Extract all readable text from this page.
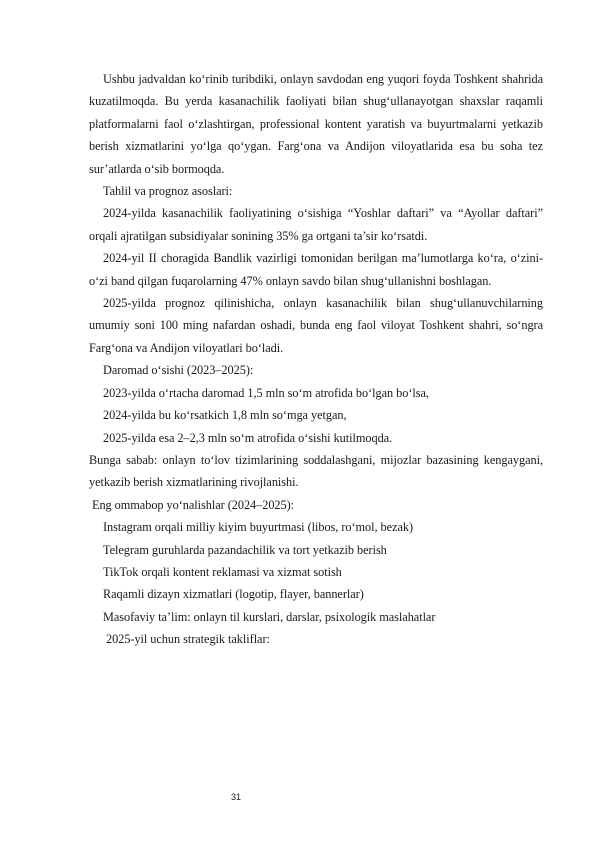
Ushbu jadvaldan ko‘rinib turibdiki, onlayn savdodan eng yuqori foyda Toshkent shahrida kuzatilmoqda. Bu yerda kasanachilik faoliyati bilan shug‘ullanayotgan shaxslar raqamli platformalarni faol o‘zlashtirgan, professional kontent yaratish va buyurtmalarni yetkazib berish xizmatlarini yo‘lga qo‘ygan. Farg‘ona va Andijon viloyatlarida esa bu soha tez sur’atlarda o‘sib bormoqda.

Tahlil va prognoz asoslari:

2024-yilda kasanachilik faoliyatining o‘sishiga “Yoshlar daftari” va “Ayollar daftari” orqali ajratilgan subsidiyalar sonining 35% ga ortgani ta’sir ko‘rsatdi.

2024-yil II choragida Bandlik vazirligi tomonidan berilgan ma’lumotlarga ko‘ra, o‘zini-o‘zi band qilgan fuqarolarning 47% onlayn savdo bilan shug‘ullanishni boshlagan.

2025-yilda prognoz qilinishicha, onlayn kasanachilik bilan shug‘ullanuvchilarning umumiy soni 100 ming nafardan oshadi, bunda eng faol viloyat Toshkent shahri, so‘ngra Farg‘ona va Andijon viloyatlari bo‘ladi.

Daromad o‘sishi (2023–2025):

2023-yilda o‘rtacha daromad 1,5 mln so‘m atrofida bo‘lgan bo‘lsa,

2024-yilda bu ko‘rsatkich 1,8 mln so‘mga yetgan,

2025-yilda esa 2–2,3 mln so‘m atrofida o‘sishi kutilmoqda.

Bunga sabab: onlayn to‘lov tizimlarining soddalashgani, mijozlar bazasining kengaygani, yetkazib berish xizmatlarining rivojlanishi.

Eng ommabop yo‘nalishlar (2024–2025):

Instagram orqali milliy kiyim buyurtmasi (libos, ro‘mol, bezak)

Telegram guruhlarda pazandachilik va tort yetkazib berish

TikTok orqali kontent reklamasi va xizmat sotish

Raqamli dizayn xizmatlari (logotip, flayer, bannerlar)

Masofaviy ta’lim: onlayn til kurslari, darslar, psixologik maslahatlar

2025-yil uchun strategik takliflar:

31
